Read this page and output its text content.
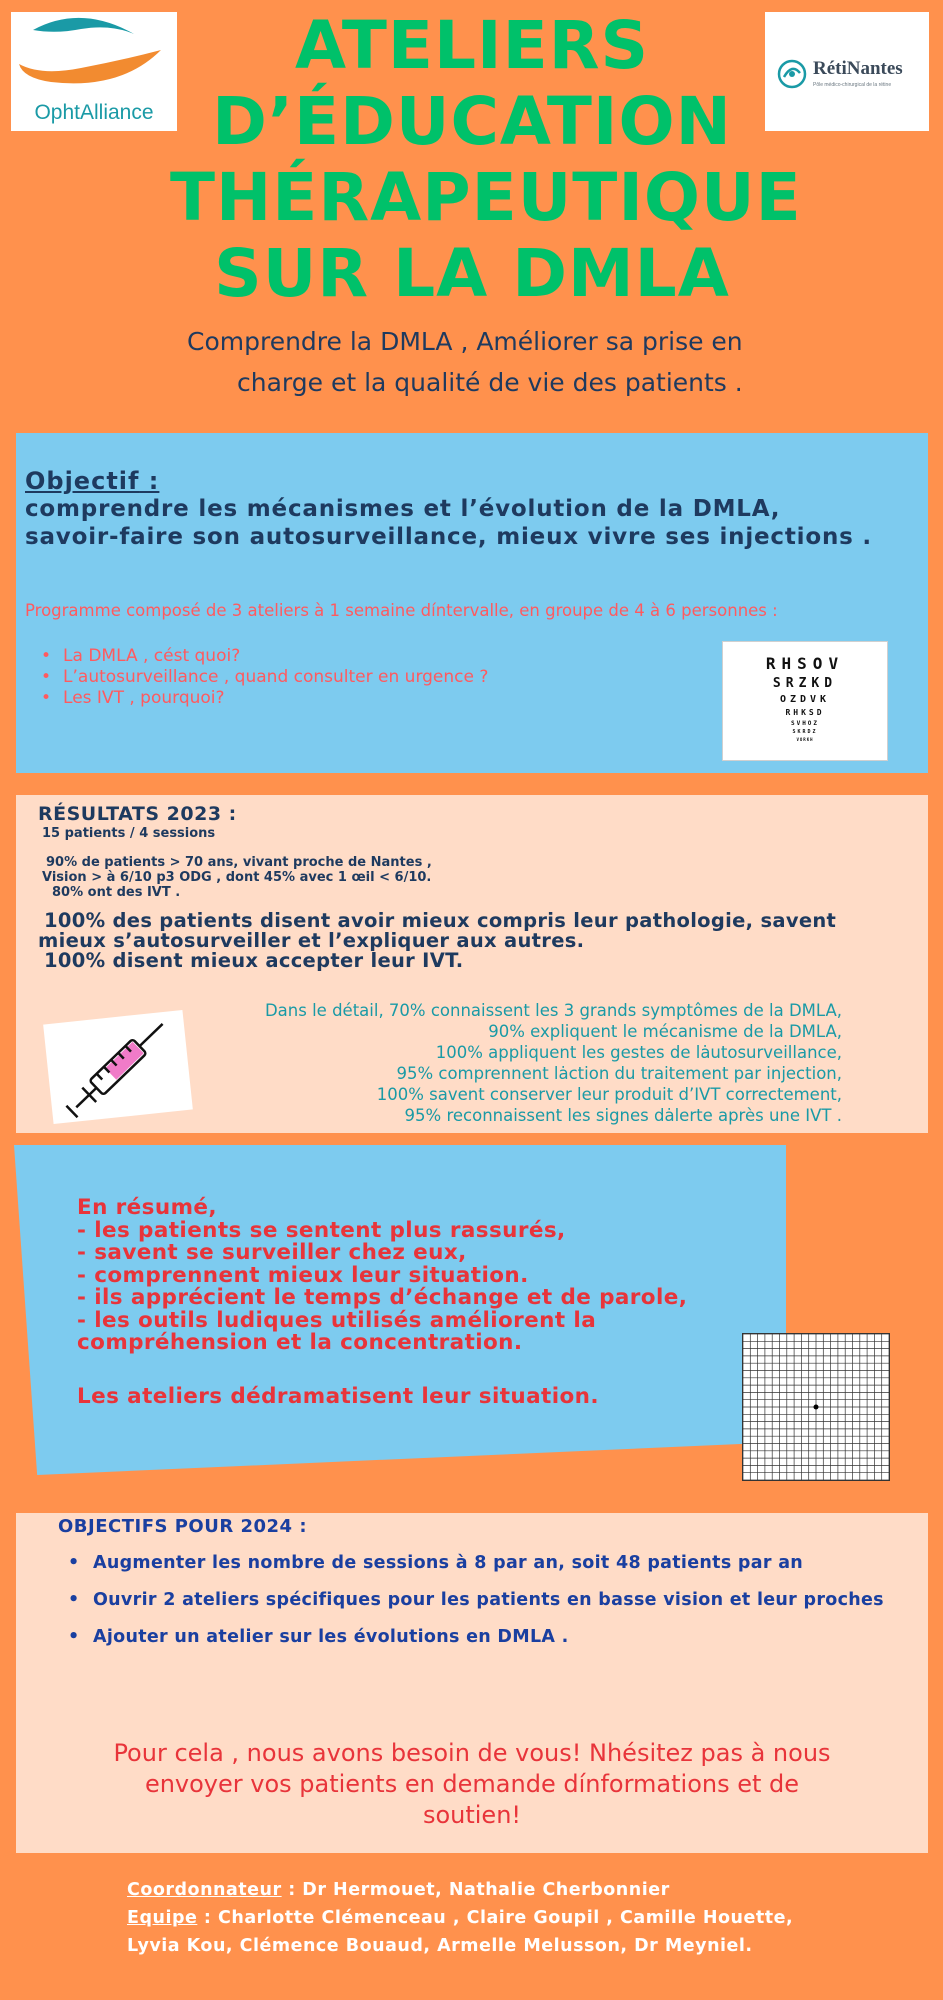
OphtAlliance
RétiNantes
Pôle médico-chirurgical de la rétine
ATELIERS
D’ÉDUCATION
THÉRAPEUTIQUE
SUR LA DMLA
Comprendre la DMLA , Améliorer sa prise en
charge et la qualité de vie des patients .
Objectif :
comprendre les mécanismes et l’évolution de la DMLA,
savoir-faire son autosurveillance, mieux vivre ses injections .
Programme composé de 3 ateliers à 1 semaine díntervalle, en groupe de 4 à 6 personnes :
• La DMLA , cést quoi?
• L’autosurveillance , quand consulter en urgence ?
• Les IVT , pourquoi?
RHSOV
SRZKD
OZDVK
RHKSD
SVHOZ
SKRDZ
VORKH
RÉSULTATS 2023 :
15 patients / 4 sessions
90% de patients > 70 ans, vivant proche de Nantes ,
Vision > à 6/10 p3 ODG , dont 45% avec 1 œil < 6/10.
80% ont des IVT .
100% des patients disent avoir mieux compris leur pathologie, savent
mieux s’autosurveiller et l’expliquer aux autres.
100% disent mieux accepter leur IVT.
Dans le détail, 70% connaissent les 3 grands symptômes de la DMLA,
90% expliquent le mécanisme de la DMLA,
100% appliquent les gestes de lȧutosurveillance,
95% comprennent lȧction du traitement par injection,
100% savent conserver leur produit d’IVT correctement,
95% reconnaissent les signes dȧlerte après une IVT .
En résumé,
- les patients se sentent plus rassurés,
- savent se surveiller chez eux,
- comprennent mieux leur situation.
- ils apprécient le temps d’échange et de parole,
- les outils ludiques utilisés améliorent la
compréhension et la concentration.
Les ateliers dédramatisent leur situation.
OBJECTIFS POUR 2024 :
• Augmenter les nombre de sessions à 8 par an, soit 48 patients par an
• Ouvrir 2 ateliers spécifiques pour les patients en basse vision et leur proches
• Ajouter un atelier sur les évolutions en DMLA .
Pour cela , nous avons besoin de vous! Nhésitez pas à nous
envoyer vos patients en demande dínformations et de
soutien!
Coordonnateur : Dr Hermouet, Nathalie Cherbonnier
Equipe : Charlotte Clémenceau , Claire Goupil , Camille Houette,
Lyvia Kou, Clémence Bouaud, Armelle Melusson, Dr Meyniel.
